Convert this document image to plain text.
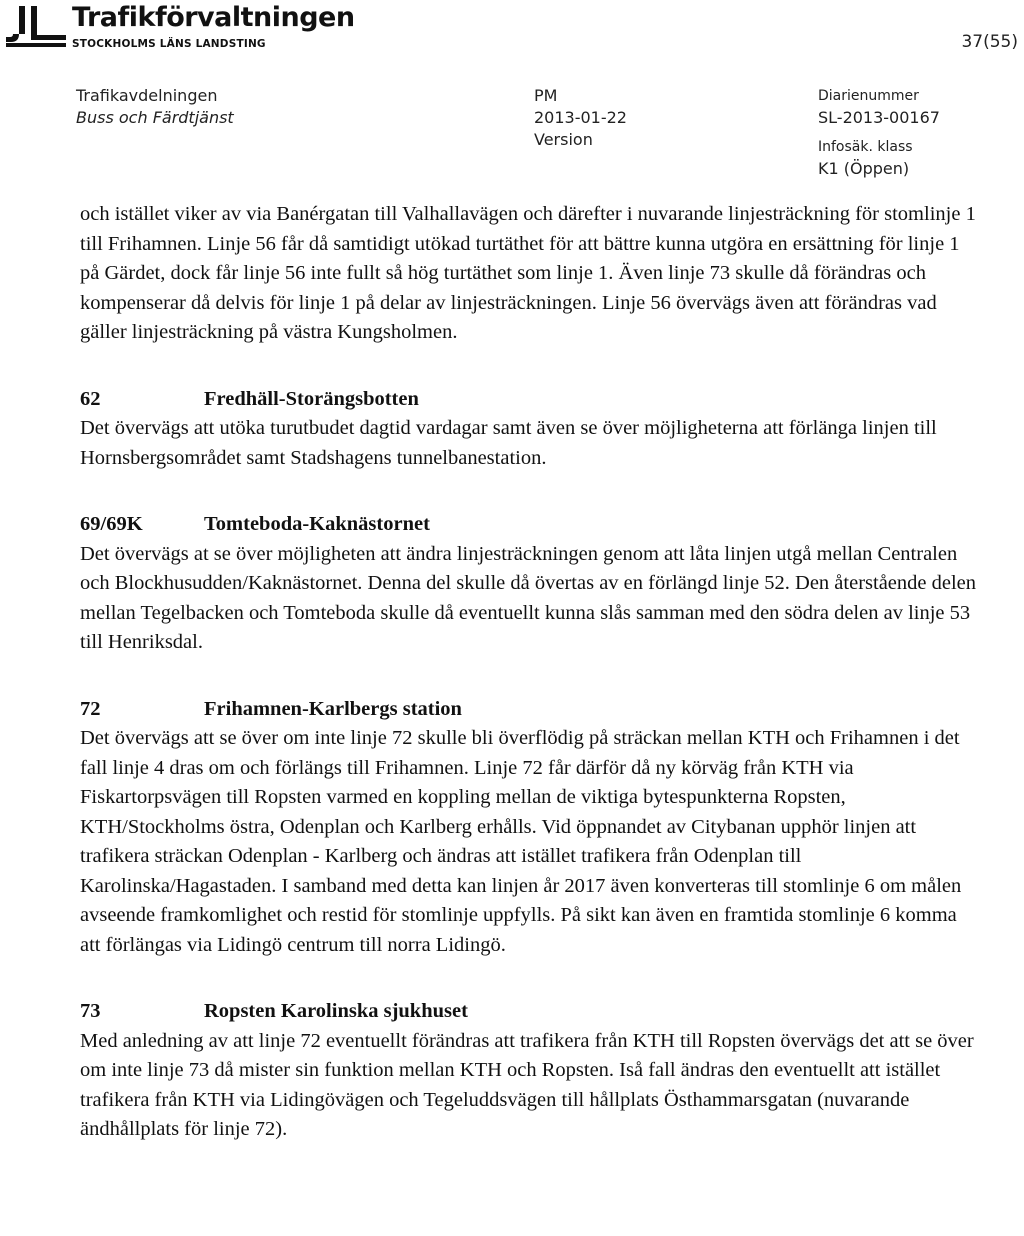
Trafikförvaltningen
STOCKHOLMS LÄNS LANDSTING	37(55)
Trafikavdelningen
Buss och Färdtjänst
PM
2013-01-22
Version
Diarienummer
SL-2013-00167
Infosäk. klass
K1 (Öppen)

och istället viker av via Banérgatan till Valhallavägen och därefter i nuvarande linjesträckning för stomlinje 1 till Frihamnen. Linje 56 får då samtidigt utökad turtäthet för att bättre kunna utgöra en ersättning för linje 1 på Gärdet, dock får linje 56 inte fullt så hög turtäthet som linje 1. Även linje 73 skulle då förändras och kompenserar då delvis för linje 1 på delar av linjesträckningen. Linje 56 övervägs även att förändras vad gäller linjesträckning på västra Kungsholmen.

62	Fredhäll-Storängsbotten

Det övervägs att utöka turutbudet dagtid vardagar samt även se över möjligheterna att förlänga linjen till Hornsbergsområdet samt Stadshagens tunnelbanestation.

69/69K	Tomteboda-Kaknästornet

Det övervägs at se över möjligheten att ändra linjesträckningen genom att låta linjen utgå mellan Centralen och Blockhusudden/Kaknästornet. Denna del skulle då övertas av en förlängd linje 52. Den återstående delen mellan Tegelbacken och Tomteboda skulle då eventuellt kunna slås samman med den södra delen av linje 53 till Henriksdal.

72	Frihamnen-Karlbergs station

Det övervägs att se över om inte linje 72 skulle bli överflödig på sträckan mellan KTH och Frihamnen i det fall linje 4 dras om och förlängs till Frihamnen. Linje 72 får därför då ny körväg från KTH via Fiskartorpsvägen till Ropsten varmed en koppling mellan de viktiga bytespunkterna Ropsten, KTH/Stockholms östra, Odenplan och Karlberg erhålls. Vid öppnandet av Citybanan upphör linjen att trafikera sträckan Odenplan - Karlberg och ändras att istället trafikera från Odenplan till Karolinska/Hagastaden. I samband med detta kan linjen år 2017 även konverteras till stomlinje 6 om målen avseende framkomlighet och restid för stomlinje uppfylls. På sikt kan även en framtida stomlinje 6 komma att förlängas via Lidingö centrum till norra Lidingö.

73	Ropsten Karolinska sjukhuset

Med anledning av att linje 72 eventuellt förändras att trafikera från KTH till Ropsten övervägs det att se över om inte linje 73 då mister sin funktion mellan KTH och Ropsten. Iså fall ändras den eventuellt att istället trafikera från KTH via Lidingövägen och Tegeluddsvägen till hållplats Östhammarsgatan (nuvarande ändhållplats för linje 72).
